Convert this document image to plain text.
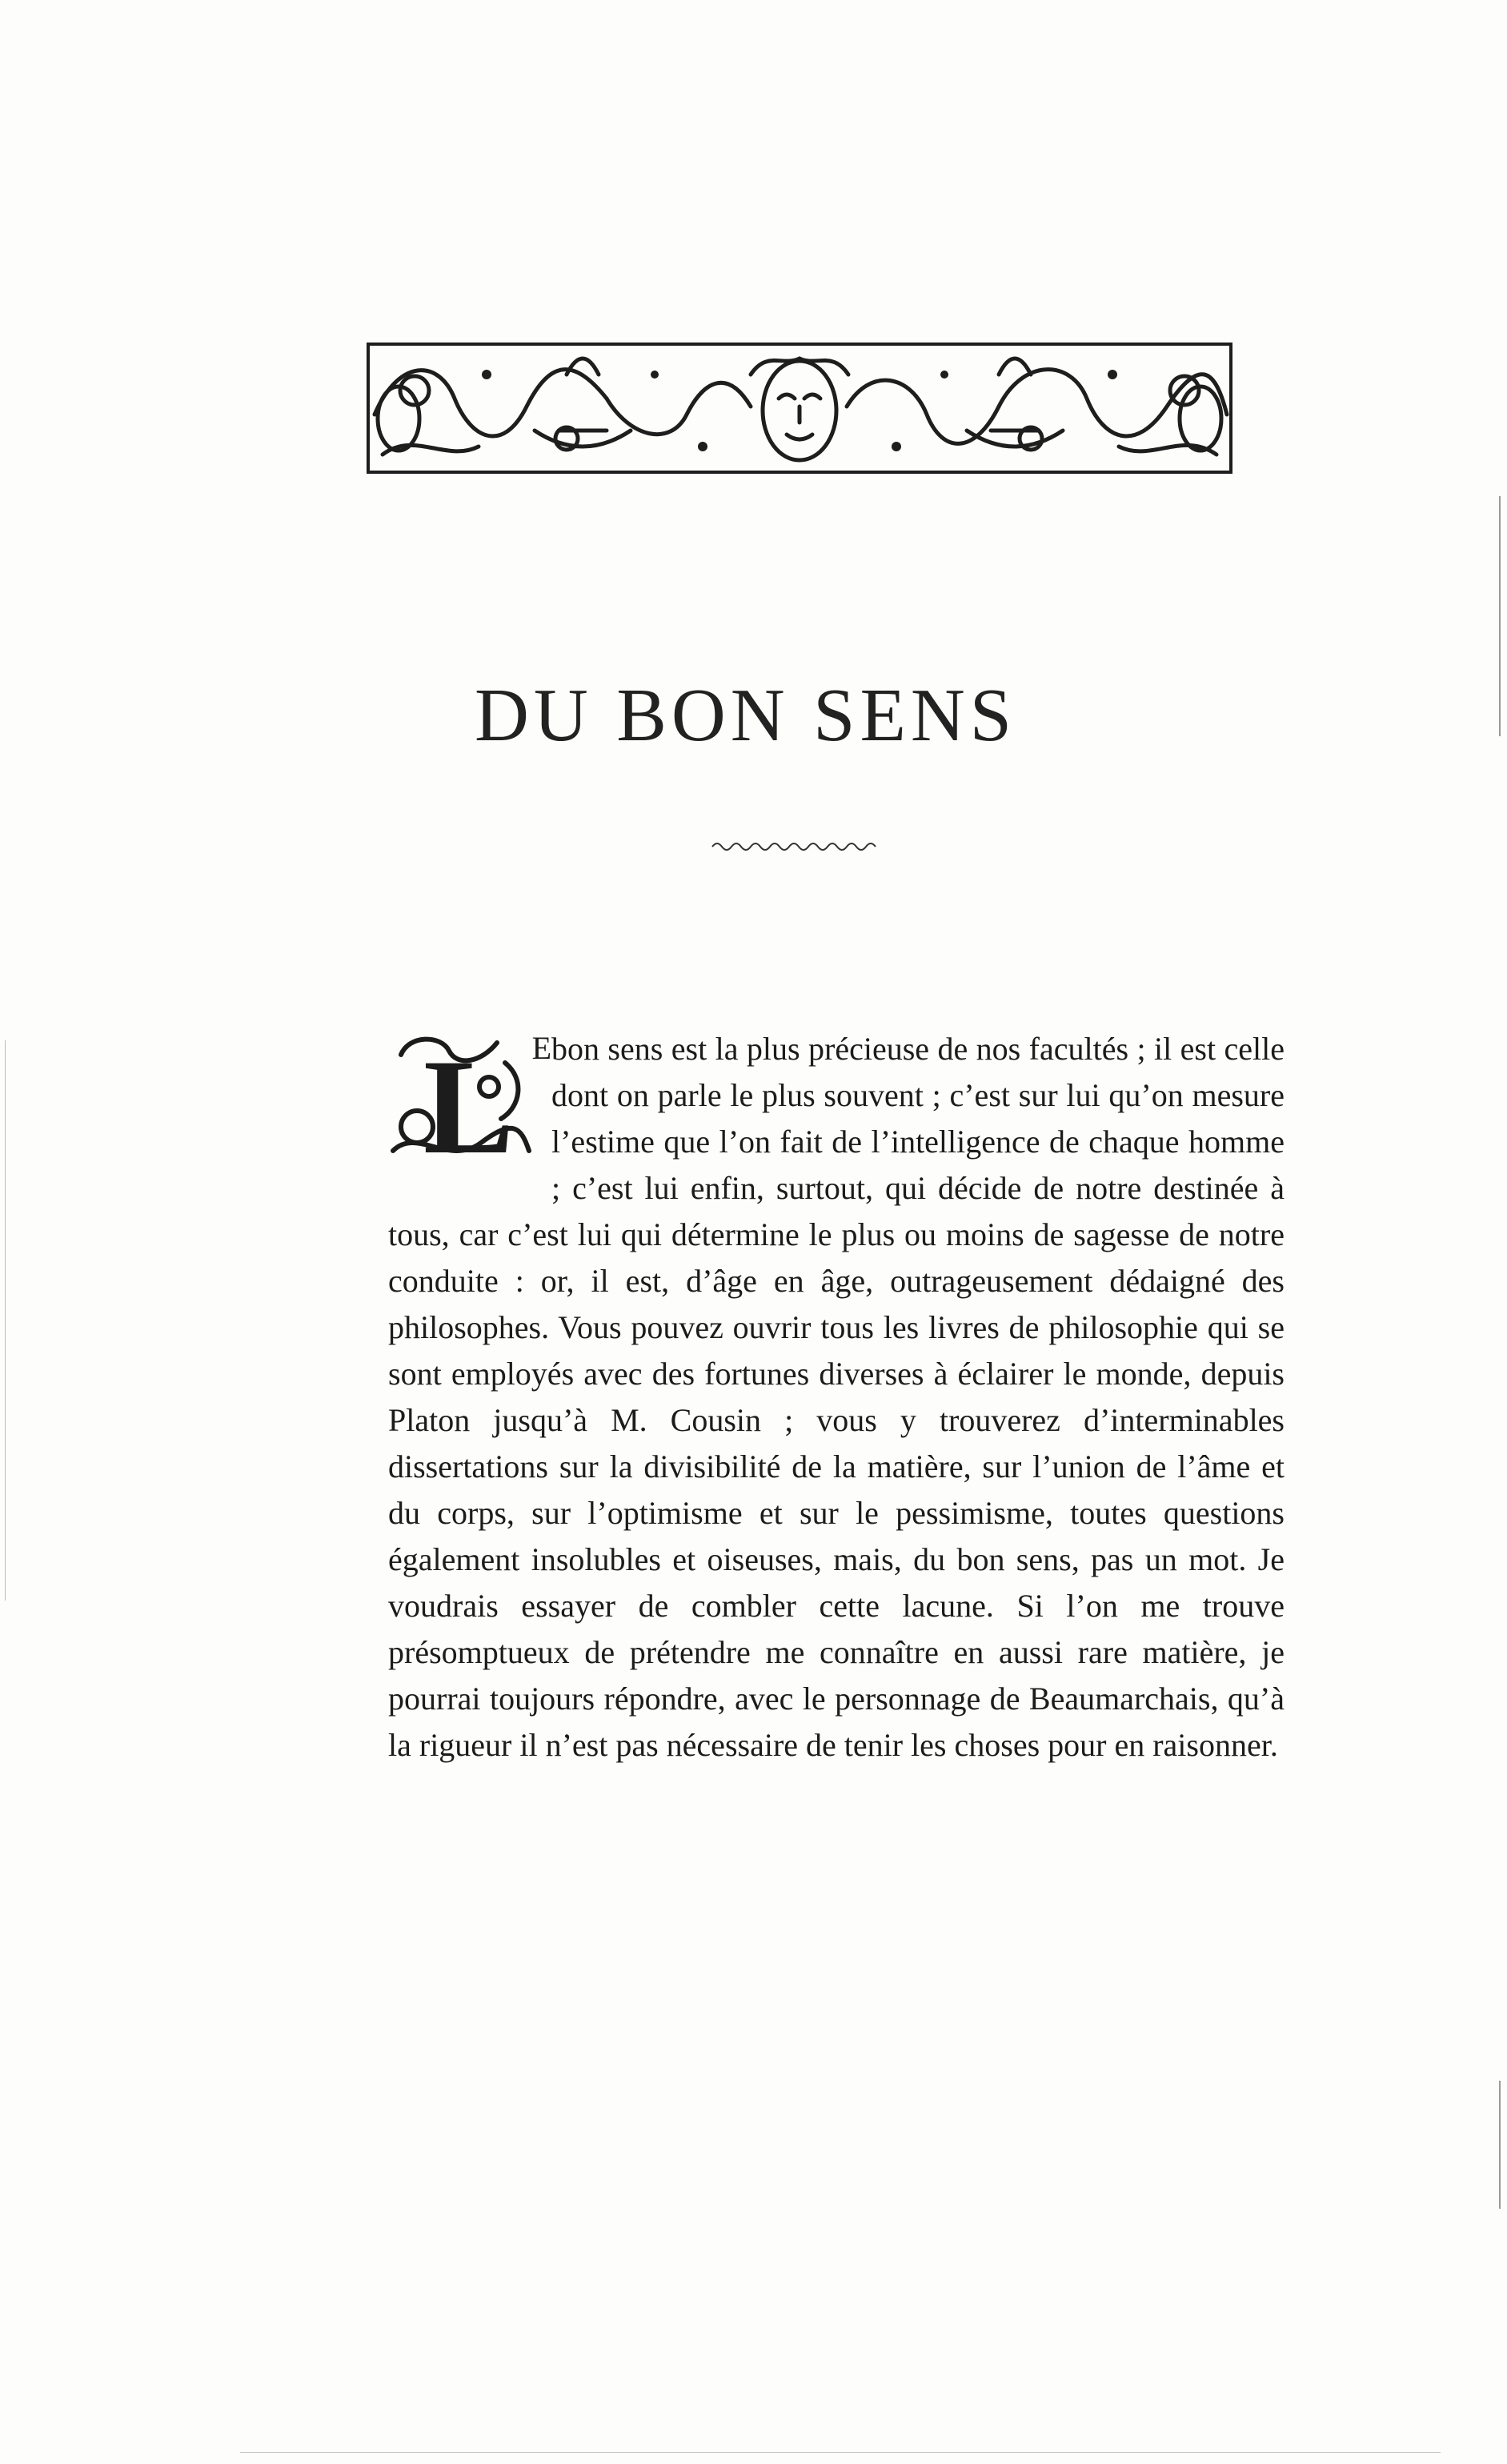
DU BON SENS

L E bon sens est la plus précieuse de nos facultés ; il est celle dont on parle le plus souvent ; c’est sur lui qu’on mesure l’estime que l’on fait de l’intelligence de chaque homme ; c’est lui enfin, surtout, qui décide de notre destinée à tous, car c’est lui qui détermine le plus ou moins de sagesse de notre conduite : or, il est, d’âge en âge, outrageusement dédaigné des philosophes. Vous pouvez ouvrir tous les livres de philosophie qui se sont employés avec des fortunes diverses à éclairer le monde, depuis Platon jusqu’à M. Cousin ; vous y trouverez d’interminables dissertations sur la divisibilité de la matière, sur l’union de l’âme et du corps, sur l’optimisme et sur le pessimisme, toutes questions également insolubles et oiseuses, mais, du bon sens, pas un mot. Je voudrais essayer de combler cette lacune. Si l’on me trouve présomptueux de prétendre me connaître en aussi rare matière, je pourrai toujours répondre, avec le personnage de Beaumarchais, qu’à la rigueur il n’est pas nécessaire de tenir les choses pour en raisonner.
